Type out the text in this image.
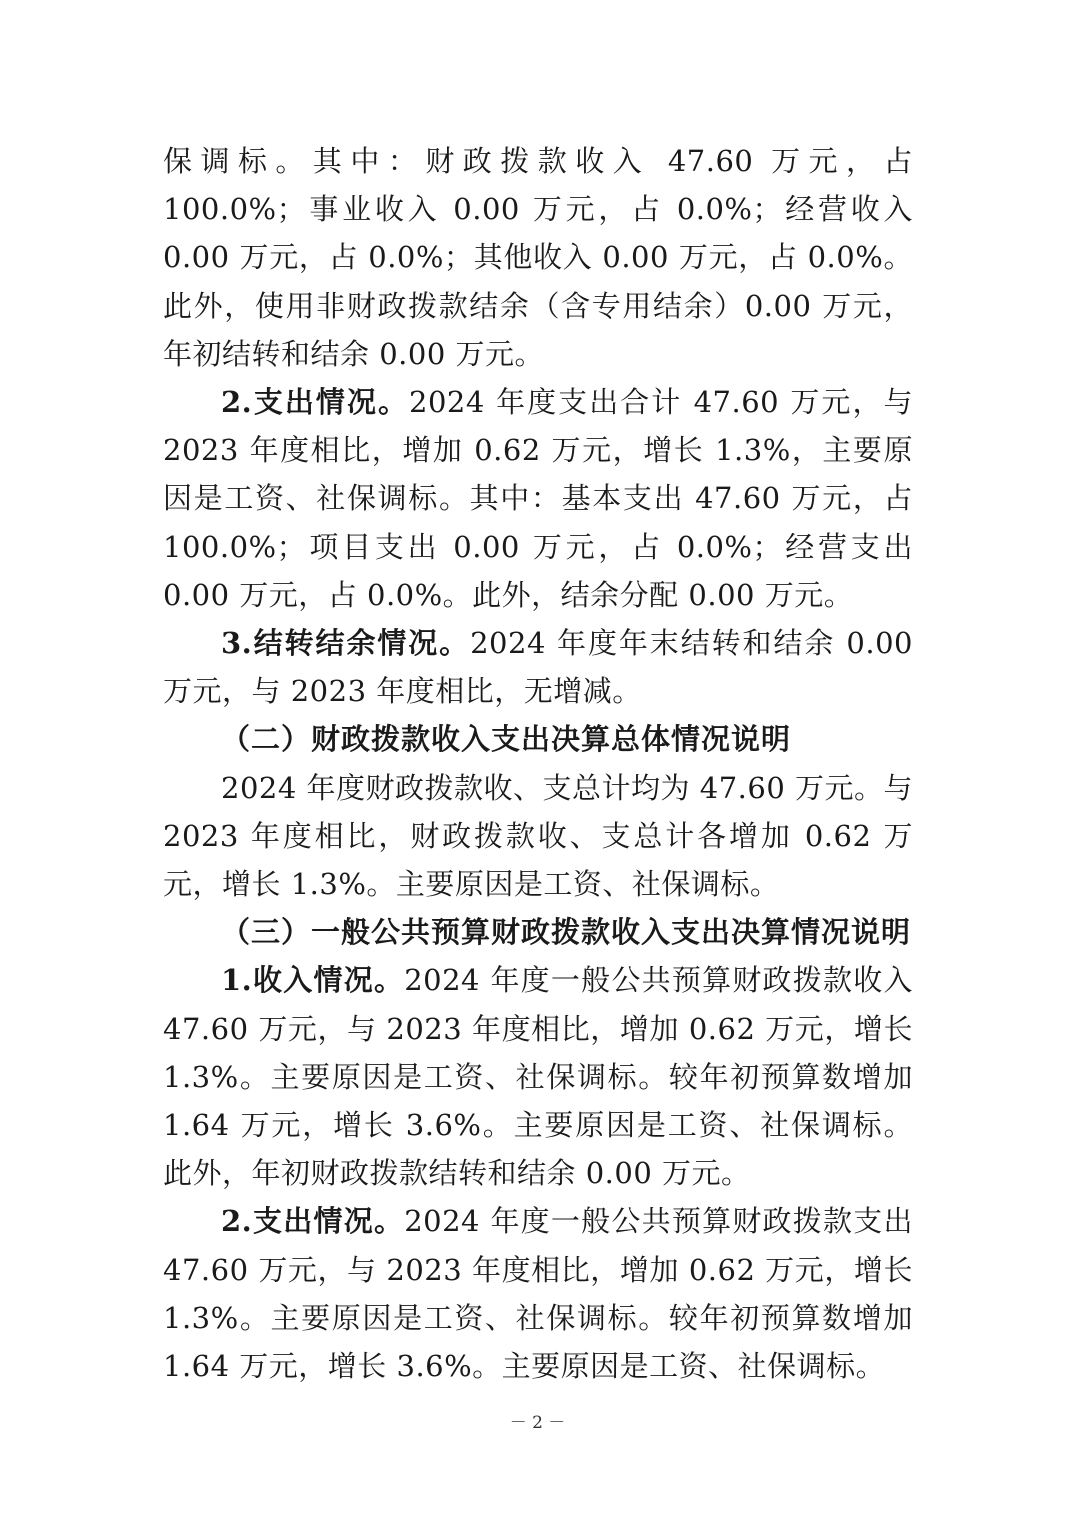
保调标。其中：财政拨款收入 47.60 万元，占 100.0%；事业收入 0.00 万元，占 0.0%；经营收入 0.00 万元，占 0.0%；其他收入 0.00 万元，占 0.0%。此外，使用非财政拨款结余（含专用结余）0.00 万元，年初结转和结余 0.00 万元。

2.支出情况。2024 年度支出合计 47.60 万元，与 2023 年度相比，增加 0.62 万元，增长 1.3%，主要原因是工资、社保调标。其中：基本支出 47.60 万元，占 100.0%；项目支出 0.00 万元，占 0.0%；经营支出 0.00 万元，占 0.0%。此外，结余分配 0.00 万元。

3.结转结余情况。2024 年度年末结转和结余 0.00 万元，与 2023 年度相比，无增减。

（二）财政拨款收入支出决算总体情况说明

2024 年度财政拨款收、支总计均为 47.60 万元。与 2023 年度相比，财政拨款收、支总计各增加 0.62 万元，增长 1.3%。主要原因是工资、社保调标。

（三）一般公共预算财政拨款收入支出决算情况说明

1.收入情况。2024 年度一般公共预算财政拨款收入 47.60 万元，与 2023 年度相比，增加 0.62 万元，增长 1.3%。主要原因是工资、社保调标。较年初预算数增加 1.64 万元，增长 3.6%。主要原因是工资、社保调标。此外，年初财政拨款结转和结余 0.00 万元。

2.支出情况。2024 年度一般公共预算财政拨款支出 47.60 万元，与 2023 年度相比，增加 0.62 万元，增长 1.3%。主要原因是工资、社保调标。较年初预算数增加 1.64 万元，增长 3.6%。主要原因是工资、社保调标。

－ 2 －
